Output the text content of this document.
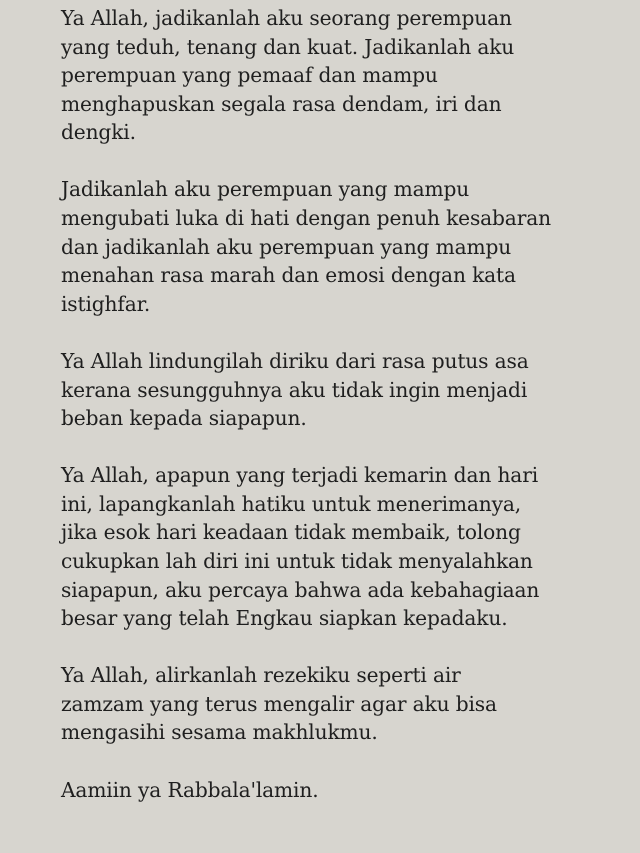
Ya Allah, jadikanlah aku seorang perempuan
yang teduh, tenang dan kuat. Jadikanlah aku
perempuan yang pemaaf dan mampu
menghapuskan segala rasa dendam, iri dan
dengki.

Jadikanlah aku perempuan yang mampu
mengubati luka di hati dengan penuh kesabaran
dan jadikanlah aku perempuan yang mampu
menahan rasa marah dan emosi dengan kata
istighfar.

Ya Allah lindungilah diriku dari rasa putus asa
kerana sesungguhnya aku tidak ingin menjadi
beban kepada siapapun.

Ya Allah, apapun yang terjadi kemarin dan hari
ini, lapangkanlah hatiku untuk menerimanya,
jika esok hari keadaan tidak membaik, tolong
cukupkan lah diri ini untuk tidak menyalahkan
siapapun, aku percaya bahwa ada kebahagiaan
besar yang telah Engkau siapkan kepadaku.

Ya Allah, alirkanlah rezekiku seperti air
zamzam yang terus mengalir agar aku bisa
mengasihi sesama makhlukmu.

Aamiin ya Rabbala'lamin.
